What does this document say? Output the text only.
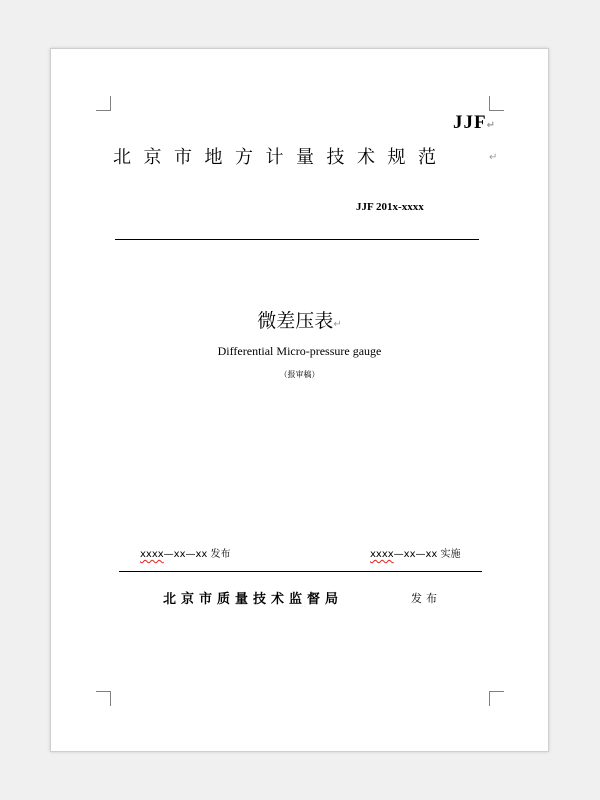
JJF↵
北京市地方计量技术规范	↵
JJF 201x-xxxx
微差压表↵
Differential Micro-pressure gauge
（报审稿）
xxxx—xx—xx 发布	xxxx—xx—xx 实施
北京市质量技术监督局	发布
